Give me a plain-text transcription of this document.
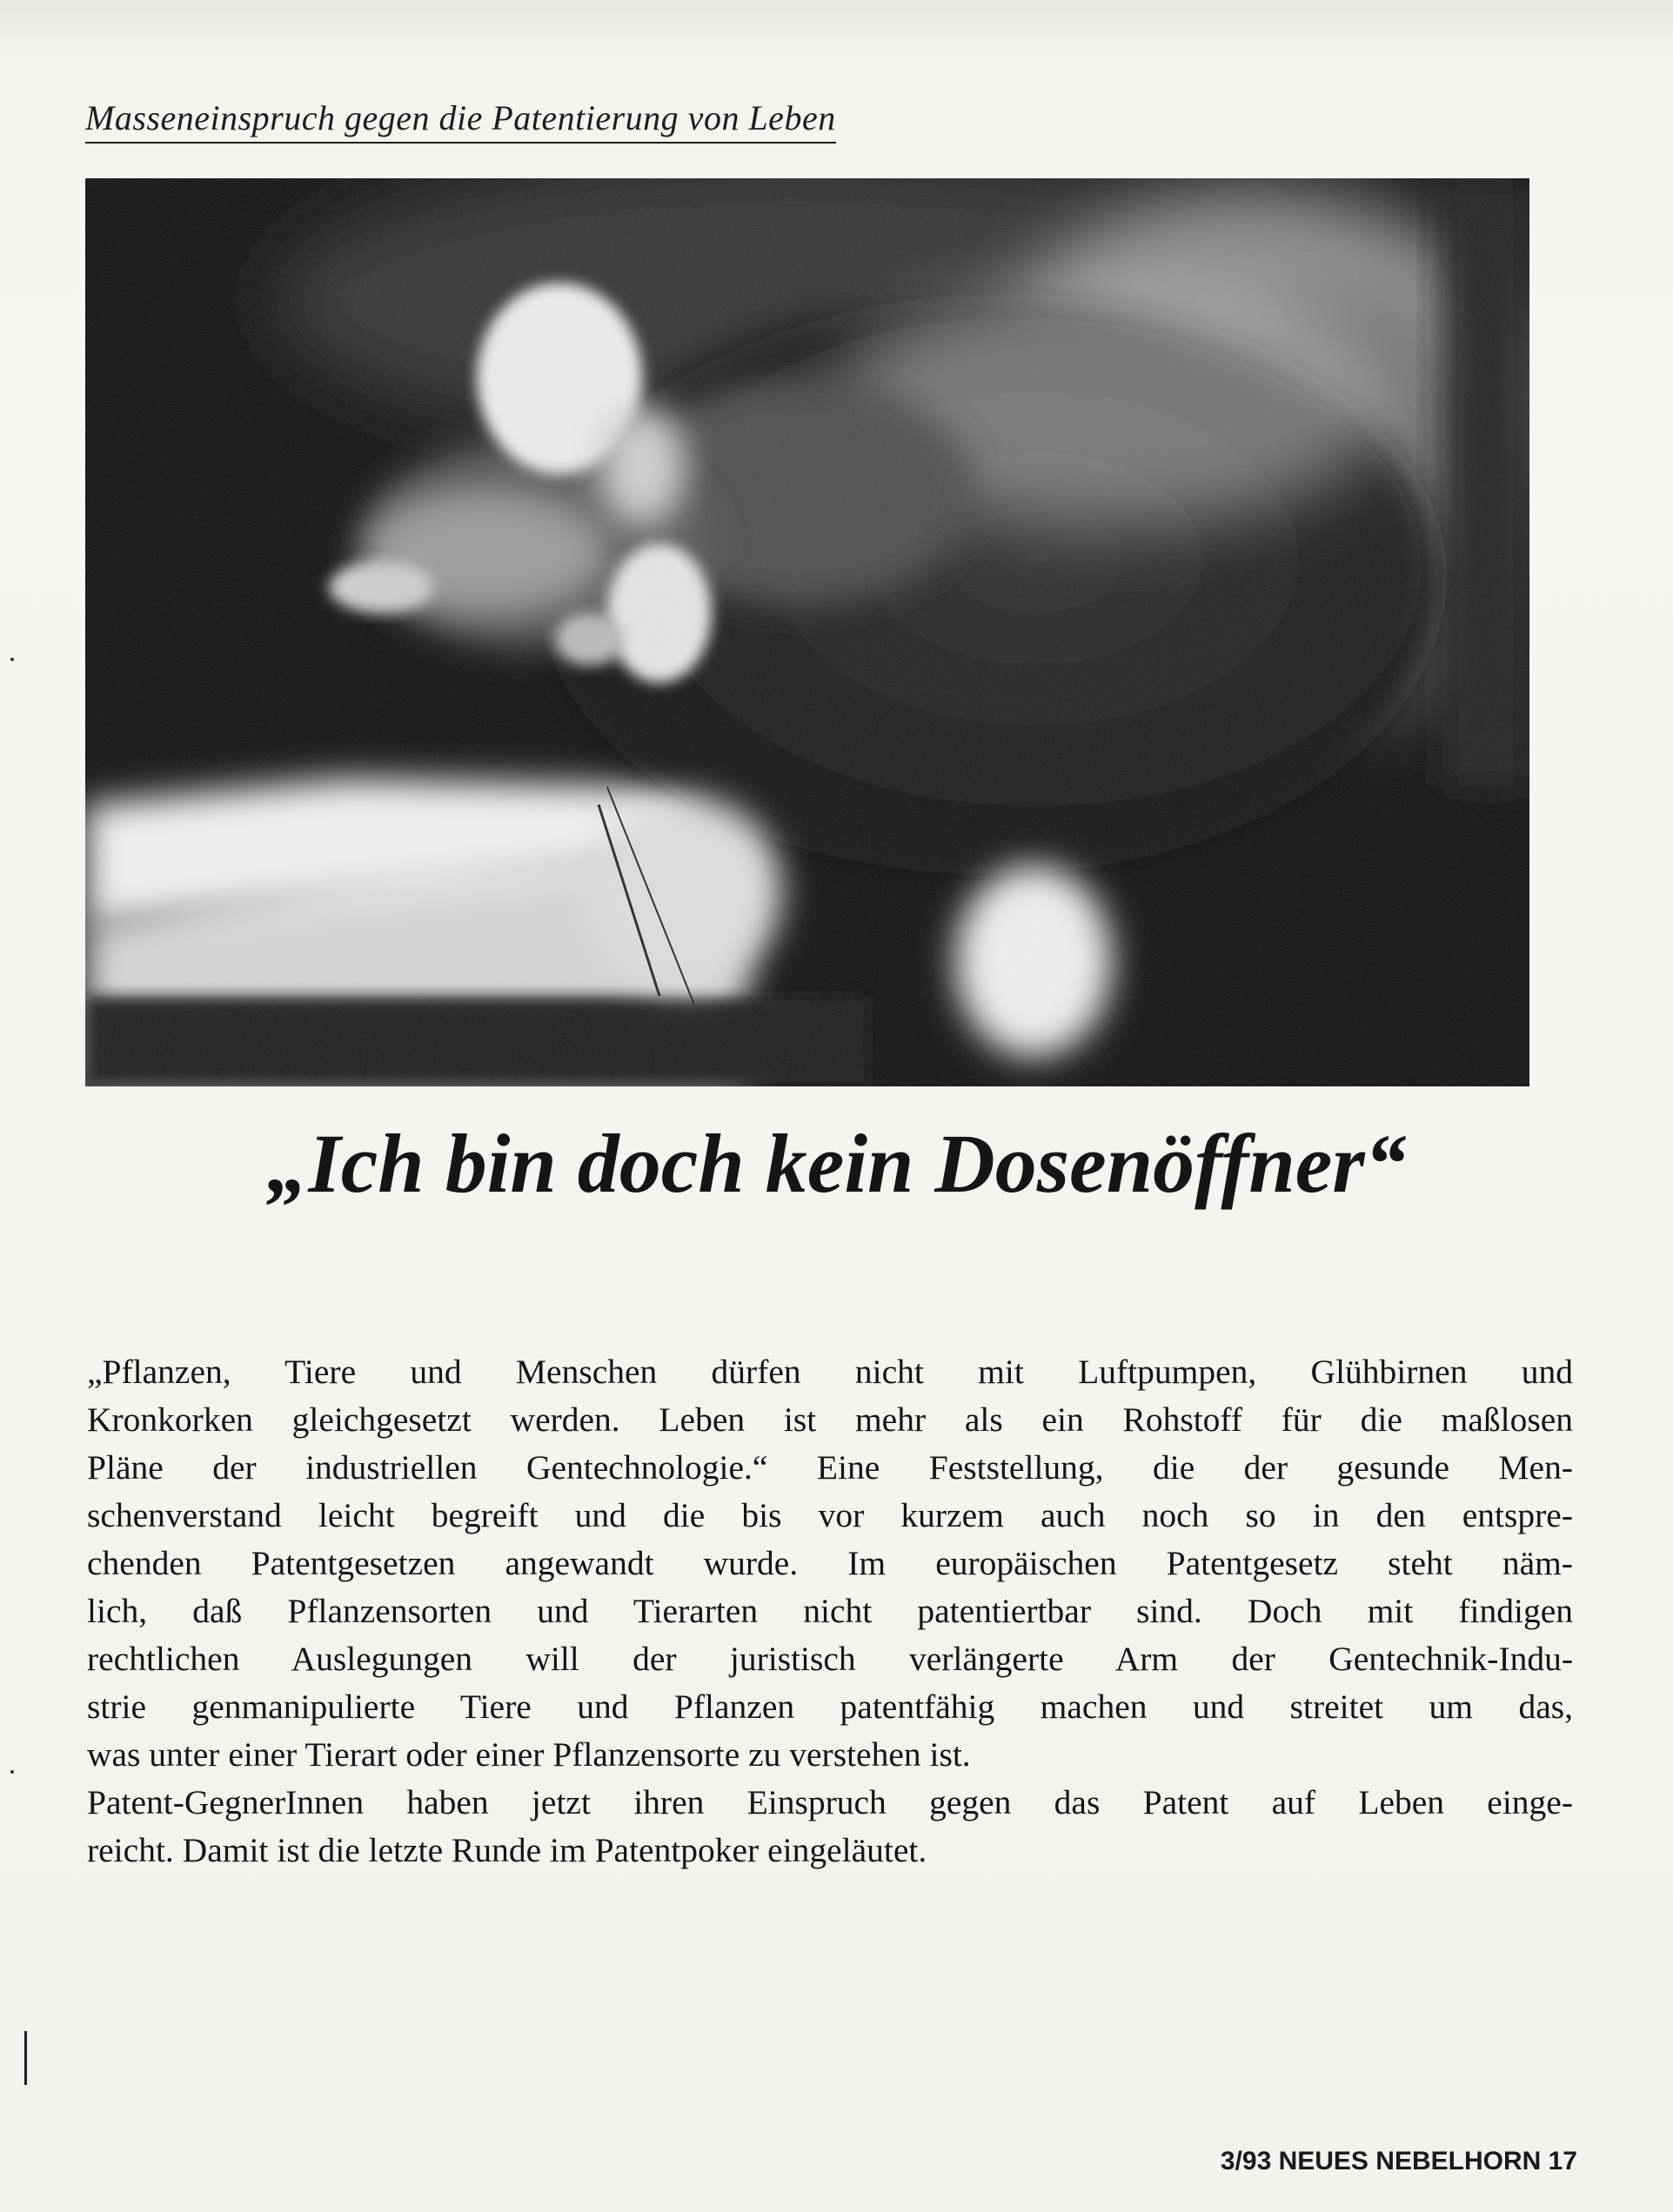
Masseneinspruch gegen die Patentierung von Leben
„Ich bin doch kein Dosenöffner“
„Pflanzen, Tiere und Menschen dürfen nicht mit Luftpumpen, Glühbirnen und
Kronkorken gleichgesetzt werden. Leben ist mehr als ein Rohstoff für die maßlosen
Pläne der industriellen Gentechnologie.“ Eine Feststellung, die der gesunde Men-
schenverstand leicht begreift und die bis vor kurzem auch noch so in den entspre-
chenden Patentgesetzen angewandt wurde. Im europäischen Patentgesetz steht näm-
lich, daß Pflanzensorten und Tierarten nicht patentiertbar sind. Doch mit findigen
rechtlichen Auslegungen will der juristisch verlängerte Arm der Gentechnik-Indu-
strie genmanipulierte Tiere und Pflanzen patentfähig machen und streitet um das,
was unter einer Tierart oder einer Pflanzensorte zu verstehen ist.
Patent-GegnerInnen haben jetzt ihren Einspruch gegen das Patent auf Leben einge-
reicht. Damit ist die letzte Runde im Patentpoker eingeläutet.
3/93 NEUES NEBELHORN 17
